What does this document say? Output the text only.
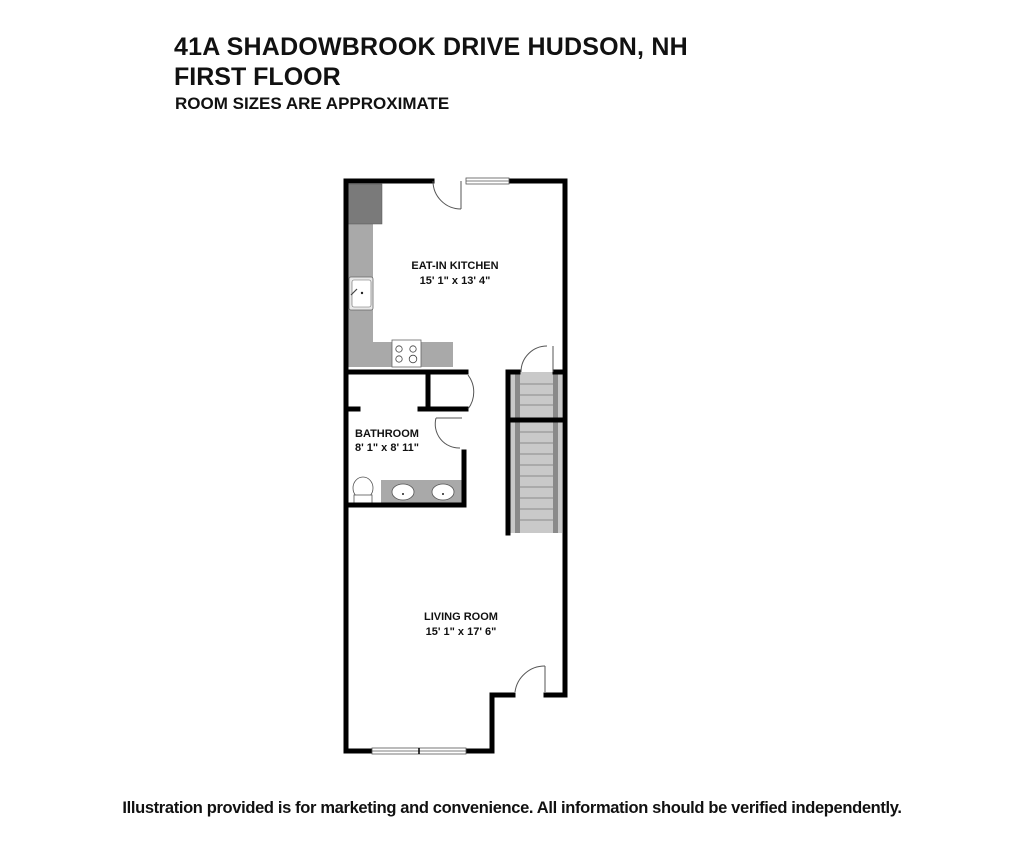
41A SHADOWBROOK DRIVE HUDSON, NH
FIRST FLOOR

ROOM SIZES ARE APPROXIMATE

EAT-IN KITCHEN
15' 1" x 13' 4"
BATHROOM
8' 1" x 8' 11"
LIVING ROOM
15' 1" x 17' 6"

Illustration provided is for marketing and convenience. All information should be verified independently.
